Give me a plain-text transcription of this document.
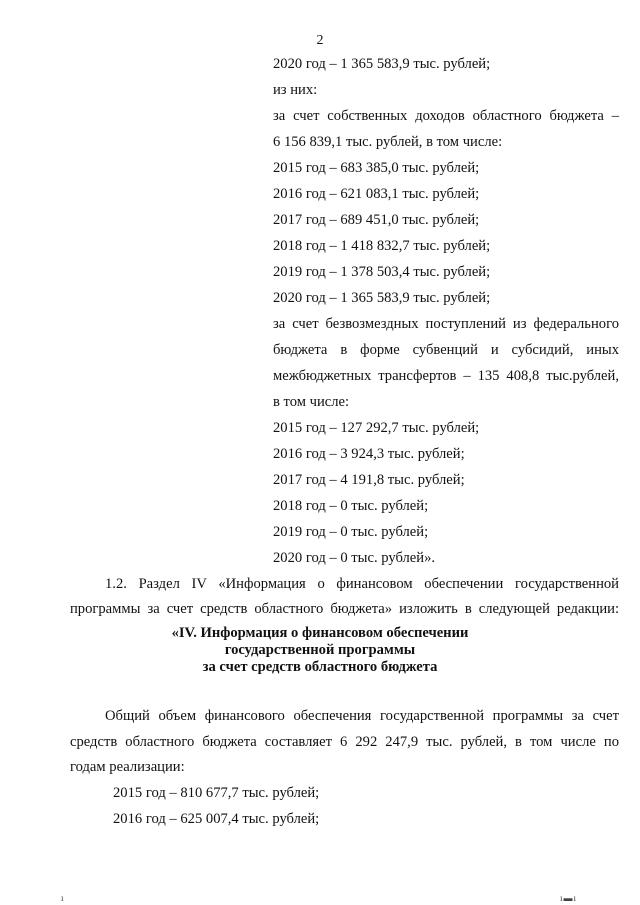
2
2020 год – 1 365 583,9 тыс. рублей;
из них:
за счет собственных доходов областного бюджета –
6 156 839,1 тыс. рублей, в том числе:
2015 год – 683 385,0 тыс. рублей;
2016 год – 621 083,1 тыс. рублей;
2017 год – 689 451,0 тыс. рублей;
2018 год – 1 418 832,7 тыс. рублей;
2019 год – 1 378 503,4 тыс. рублей;
2020 год – 1 365 583,9 тыс. рублей;
за счет безвозмездных поступлений из федерального
бюджета в форме субвенций и субсидий, иных
межбюджетных трансфертов – 135 408,8 тыс.рублей,
в том числе:
2015 год – 127 292,7 тыс. рублей;
2016 год – 3 924,3 тыс. рублей;
2017 год – 4 191,8 тыс. рублей;
2018 год – 0 тыс. рублей;
2019 год – 0 тыс. рублей;
2020 год – 0 тыс. рублей».
1.2. Раздел IV «Информация о финансовом обеспечении государственной
программы за счет средств областного бюджета» изложить в следующей редакции:
«IV. Информация о финансовом обеспечении
государственной программы
за счет средств областного бюджета
Общий объем финансового обеспечения государственной программы за счет
средств областного бюджета составляет 6 292 247,9 тыс. рублей, в том числе по
годам реализации:
2015 год – 810 677,7 тыс. рублей;
2016 год – 625 007,4 тыс. рублей;
ı	ı▬ı
